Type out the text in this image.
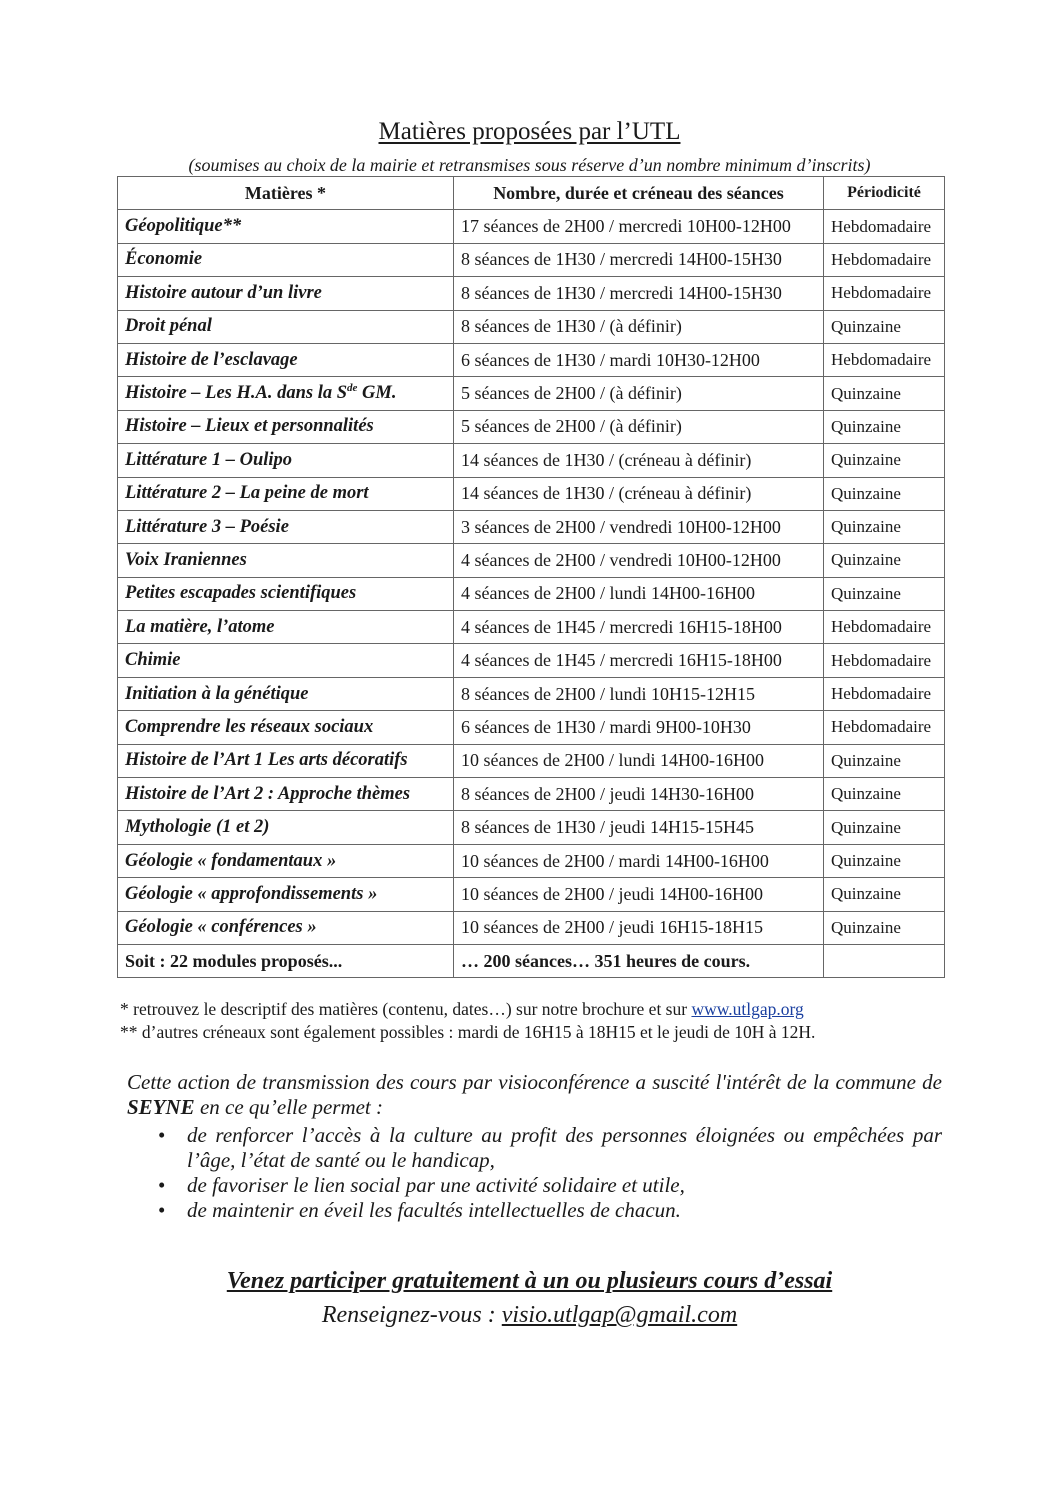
Matières proposées par l’UTL
(soumises au choix de la mairie et retransmises sous réserve d’un nombre minimum d’inscrits)
Matières *	Nombre, durée et créneau des séances	Périodicité
Géopolitique**	17 séances de 2H00 / mercredi 10H00-12H00	Hebdomadaire
Économie	8 séances de 1H30 / mercredi 14H00-15H30	Hebdomadaire
Histoire autour d’un livre	8 séances de 1H30 / mercredi 14H00-15H30	Hebdomadaire
Droit pénal	8 séances de 1H30 / (à définir)	Quinzaine
Histoire de l’esclavage	6 séances de 1H30 / mardi 10H30-12H00	Hebdomadaire
Histoire – Les H.A. dans la $S^{de}$ GM.	5 séances de 2H00 / (à définir)	Quinzaine
Histoire – Lieux et personnalités	5 séances de 2H00 / (à définir)	Quinzaine
Littérature 1 – Oulipo	14 séances de 1H30 / (créneau à définir)	Quinzaine
Littérature 2 – La peine de mort	14 séances de 1H30 / (créneau à définir)	Quinzaine
Littérature 3 – Poésie	3 séances de 2H00 / vendredi 10H00-12H00	Quinzaine
Voix Iraniennes	4 séances de 2H00 / vendredi 10H00-12H00	Quinzaine
Petites escapades scientifiques	4 séances de 2H00 / lundi 14H00-16H00	Quinzaine
La matière, l’atome	4 séances de 1H45 / mercredi 16H15-18H00	Hebdomadaire
Chimie	4 séances de 1H45 / mercredi 16H15-18H00	Hebdomadaire
Initiation à la génétique	8 séances de 2H00 / lundi 10H15-12H15	Hebdomadaire
Comprendre les réseaux sociaux	6 séances de 1H30 / mardi 9H00-10H30	Hebdomadaire
Histoire de l’Art 1 Les arts décoratifs	10 séances de 2H00 / lundi 14H00-16H00	Quinzaine
Histoire de l’Art 2 : Approche thèmes	8 séances de 2H00 / jeudi 14H30-16H00	Quinzaine
Mythologie (1 et 2)	8 séances de 1H30 / jeudi 14H15-15H45	Quinzaine
Géologie « fondamentaux »	10 séances de 2H00 / mardi 14H00-16H00	Quinzaine
Géologie « approfondissements »	10 séances de 2H00 / jeudi 14H00-16H00	Quinzaine
Géologie « conférences »	10 séances de 2H00 / jeudi 16H15-18H15	Quinzaine
Soit : 22 modules proposés...	… 200 séances… 351 heures de cours.	
* retrouvez le descriptif des matières (contenu, dates…) sur notre brochure et sur www.utlgap.org
** d’autres créneaux sont également possibles : mardi de 16H15 à 18H15 et le jeudi de 10H à 12H.
Cette action de transmission des cours par visioconférence a suscité l'intérêt de la commune de SEYNE en ce qu’elle permet :
• de renforcer l’accès à la culture au profit des personnes éloignées ou empêchées par l’âge, l’état de santé ou le handicap,
• de favoriser le lien social par une activité solidaire et utile,
• de maintenir en éveil les facultés intellectuelles de chacun.
Venez participer gratuitement à un ou plusieurs cours d’essai
Renseignez-vous : visio.utlgap@gmail.com
